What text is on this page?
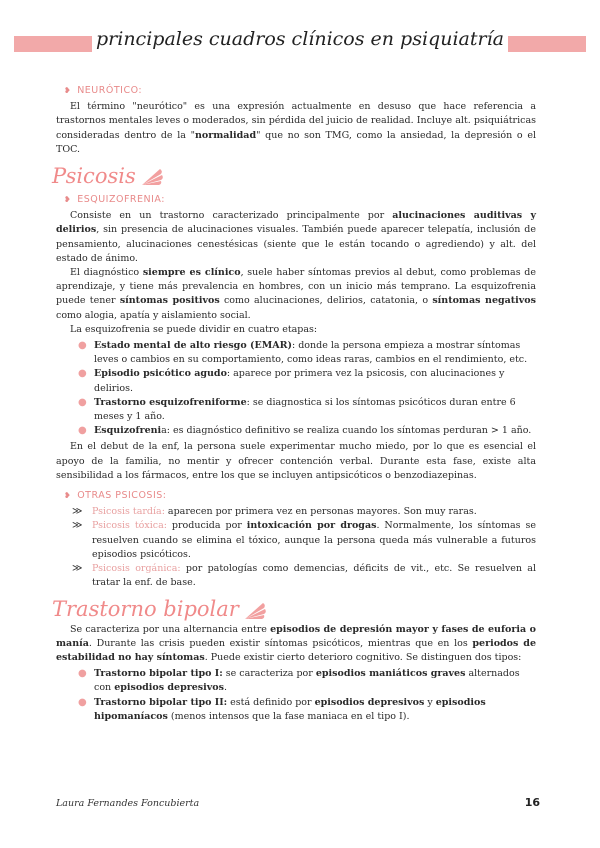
principales cuadros clínicos en psiquiatría
❥ NEURÓTICO:

El término "neurótico" es una expresión actualmente en desuso que hace referencia a trastornos mentales leves o moderados, sin pérdida del juicio de realidad. Incluye alt. psiquiátricas consideradas dentro de la "normalidad" que no son TMG, como la ansiedad, la depresión o el TOC.

Psicosis
❥ ESQUIZOFRENIA:

Consiste en un trastorno caracterizado principalmente por alucinaciones auditivas y delirios, sin presencia de alucinaciones visuales. También puede aparecer telepatía, inclusión de pensamiento, alucinaciones cenestésicas (siente que le están tocando o agrediendo) y alt. del estado de ánimo.

El diagnóstico siempre es clínico, suele haber síntomas previos al debut, como problemas de aprendizaje, y tiene más prevalencia en hombres, con un inicio más temprano. La esquizofrenia puede tener síntomas positivos como alucinaciones, delirios, catatonia, o síntomas negativos como alogia, apatía y aislamiento social.

La esquizofrenia se puede dividir en cuatro etapas:

● Estado mental de alto riesgo (EMAR): donde la persona empieza a mostrar síntomas leves o cambios en su comportamiento, como ideas raras, cambios en el rendimiento, etc.
● Episodio psicótico agudo: aparece por primera vez la psicosis, con alucinaciones y delirios.
● Trastorno esquizofreniforme: se diagnostica si los síntomas psicóticos duran entre 6 meses y 1 año.
● Esquizofrenia: es diagnóstico definitivo se realiza cuando los síntomas perduran > 1 año.

En el debut de la enf, la persona suele experimentar mucho miedo, por lo que es esencial el apoyo de la familia, no mentir y ofrecer contención verbal. Durante esta fase, existe alta sensibilidad a los fármacos, entre los que se incluyen antipsicóticos o benzodiazepinas.

❥ OTRAS PSICOSIS:
≫ Psicosis tardía: aparecen por primera vez en personas mayores. Son muy raras.
≫ Psicosis tóxica: producida por intoxicación por drogas. Normalmente, los síntomas se resuelven cuando se elimina el tóxico, aunque la persona queda más vulnerable a futuros episodios psicóticos.
≫ Psicosis orgánica: por patologías como demencias, déficits de vit., etc. Se resuelven al tratar la enf. de base.
Trastorno bipolar

Se caracteriza por una alternancia entre episodios de depresión mayor y fases de euforia o manía. Durante las crisis pueden existir síntomas psicóticos, mientras que en los periodos de estabilidad no hay síntomas. Puede existir cierto deterioro cognitivo. Se distinguen dos tipos:

● Trastorno bipolar tipo I: se caracteriza por episodios maniáticos graves alternados con episodios depresivos.
● Trastorno bipolar tipo II: está definido por episodios depresivos y episodios hipomaníacos (menos intensos que la fase maniaca en el tipo I).
Laura Fernandes Foncubierta	16
